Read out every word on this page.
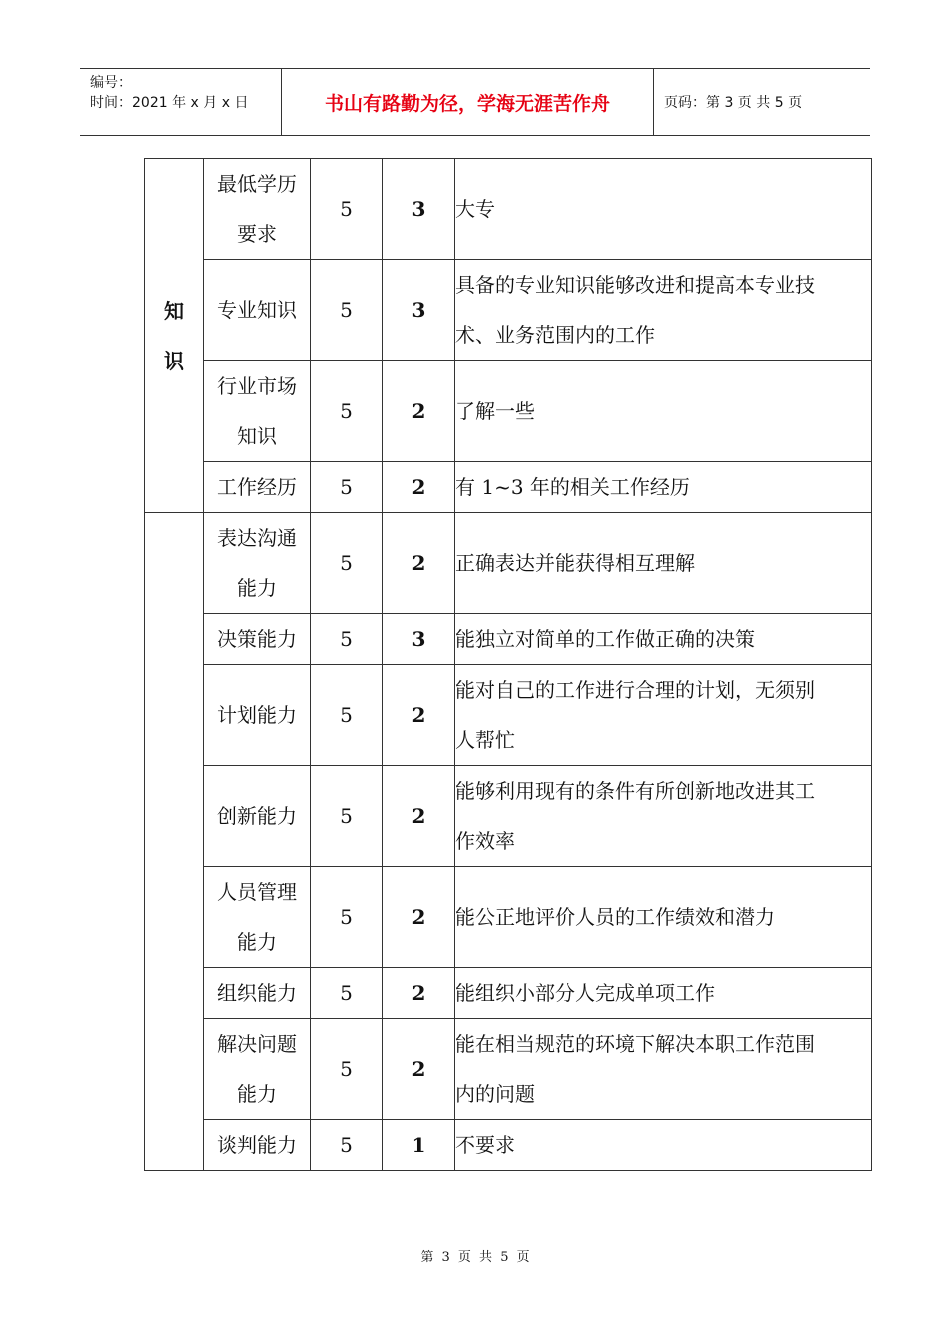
编号：
时间：2021 年 x 月 x 日	书山有路勤为径，学海无涯苦作舟	页码：第 3 页 共 5 页
知
识	最低学历
要求	5	3	大专
	专业知识	5	3	具备的专业知识能够改进和提高本专业技
术、业务范围内的工作
	行业市场
知识	5	2	了解一些
	工作经历	5	2	有 1~3 年的相关工作经历
	表达沟通
能力	5	2	正确表达并能获得相互理解
	决策能力	5	3	能独立对简单的工作做正确的决策
	计划能力	5	2	能对自己的工作进行合理的计划，无须别
人帮忙
	创新能力	5	2	能够利用现有的条件有所创新地改进其工
作效率
	人员管理
能力	5	2	能公正地评价人员的工作绩效和潜力
	组织能力	5	2	能组织小部分人完成单项工作
	解决问题
能力	5	2	能在相当规范的环境下解决本职工作范围
内的问题
	谈判能力	5	1	不要求
第 3 页 共 5 页
